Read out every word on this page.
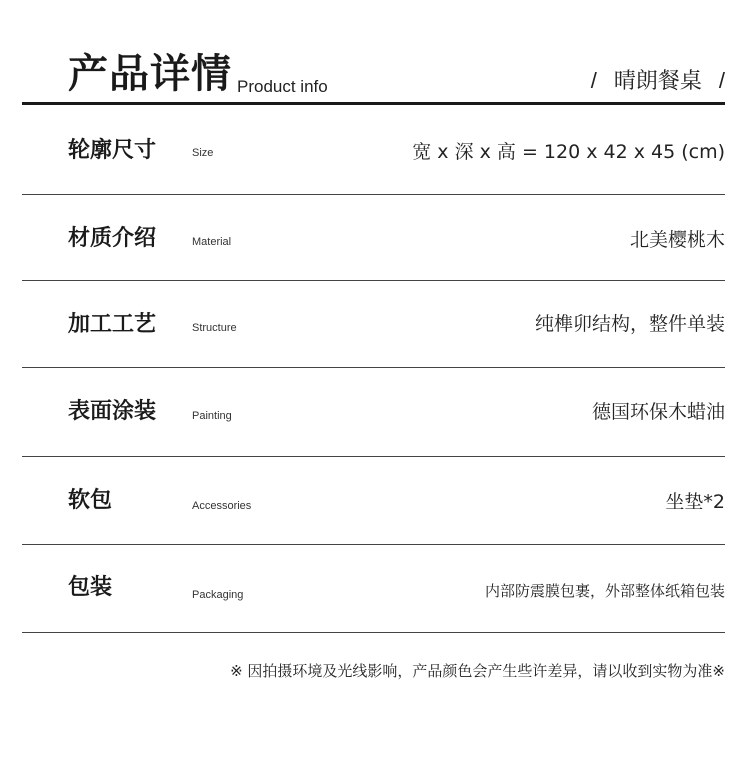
产品详情 Product info	/ 晴朗餐桌 /
轮廓尺寸	Size	宽 x 深 x 高 = 120 x 42 x 45 (cm)
材质介绍	Material	北美樱桃木
加工工艺	Structure	纯榫卯结构，整件单装
表面涂装	Painting	德国环保木蜡油
软包	Accessories	坐垫*2
包装	Packaging	内部防震膜包裹，外部整体纸箱包装
※ 因拍摄环境及光线影响，产品颜色会产生些许差异，请以收到实物为准※
